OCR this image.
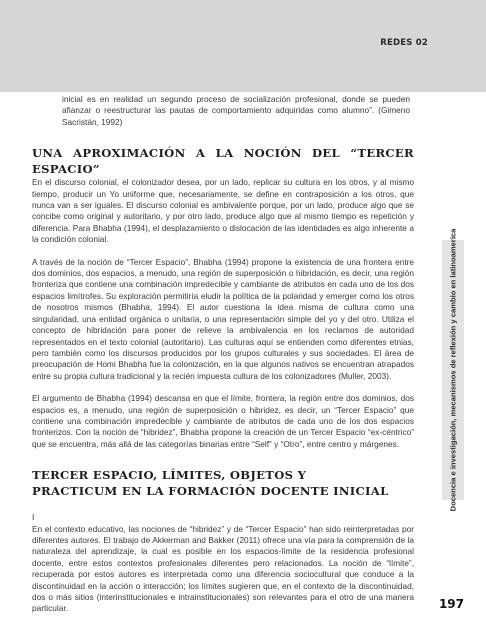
REDES 02
Docencia e investigación, mecanismos de reflexión y cambio en latinoamerica

inicial es en realidad un segundo proceso de socialización profesional, donde se pueden afianzar o reestructurar las pautas de comportamiento adquiridas como alumno”. (Gimeno Sacristán, 1992)

UNA APROXIMACIÓN A LA NOCIÓN DEL “TERCER ESPACIO”

En el discurso colonial, el colonizador desea, por un lado, replicar su cultura en los otros, y al mismo tiempo, producir un Yo uniforme que, necesariamente, se define en contraposición a los otros, que nunca van a ser iguales. El discurso colonial es ambivalente porque, por un lado, produce algo que se concibe como original y autoritario, y por otro lado, produce algo que al mismo tiempo es repetición y diferencia. Para Bhabha (1994), el desplazamiento o dislocación de las identidades es algo inherente a la condición colonial.

A través de la noción de “Tercer Espacio”, Bhabha (1994) propone la existencia de una frontera entre dos dominios, dos espacios, a menudo, una región de superposición o hibridación, es decir, una región fronteriza que contiene una combinación impredecible y cambiante de atributos en cada uno de los dos espacios limítrofes. Su exploración permitiría eludir la política de la polaridad y emerger como los otros de nosotros mismos (Bhabha, 1994). El autor cuestiona la idea misma de cultura como una singularidad, una entidad orgánica o unitaria, o una representación simple del yo y del otro. Utiliza el concepto de hibridación para poner de relieve la ambivalencia en los reclamos de autoridad representados en el texto colonial (autoritario). Las culturas aquí se entienden como diferentes etnias, pero también como los discursos producidos por los grupos culturales y sus sociedades. El área de preocupación de Homi Bhabha fue la colonización, en la que algunos nativos se encuentran atrapados entre su propia cultura tradicional y la recién impuesta cultura de los colonizadores (Muller, 2003).

El argumento de Bhabha (1994) descansa en que el límite, frontera, la región entre dos dominios, dos espacios es, a menudo, una región de superposición o hibridez, es decir, un “Tercer Espacio” que contiene una combinación impredecible y cambiante de atributos de cada uno de los dos espacios fronterizos. Con la noción de “hibridez”, Bhabha propone la creación de un Tercer Espacio “ex-céntrico” que se encuentra, más allá de las categorías binarias entre “Self” y “Otro”, entre centro y márgenes.

TERCER ESPACIO, LÍMITES, OBJETOS Y
PRACTICUM EN LA FORMACIÓN DOCENTE INICIAL

I

En el contexto educativo, las nociones de “hibridez” y de “Tercer Espacio” han sido reinterpretadas por diferentes autores. El trabajo de Akkerman and Bakker (2011) ofrece una vía para la comprensión de la naturaleza del aprendizaje, la cual es posible en los espacios-límite de la residencia profesional docente, entre estos contextos profesionales diferentes pero relacionados. La noción de “límite”, recuperada por estos autores es interpretada como una diferencia sociocultural que conduce a la discontinuidad en la acción o interacción; los límites sugieren que, en el contexto de la discontinuidad, dos o más sitios (interinstitucionales e intrainstitucionales) son relevantes para el otro de una manera particular.	197
